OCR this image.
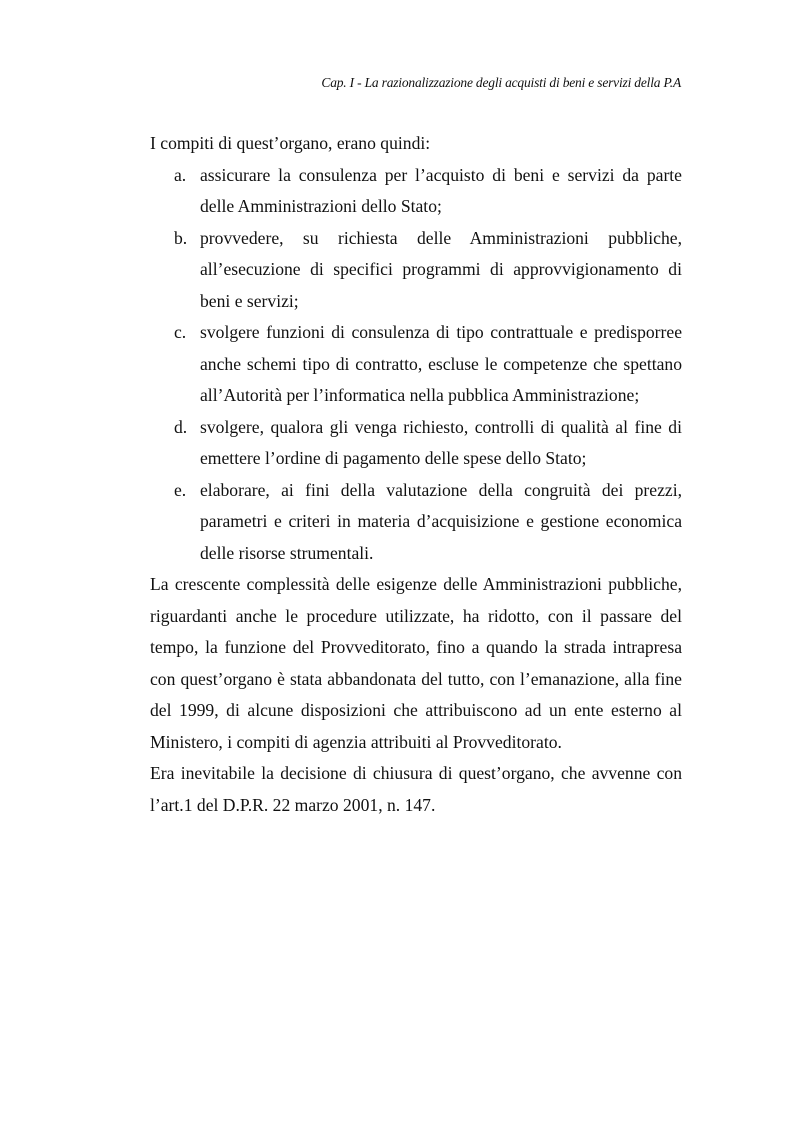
Cap. I - La razionalizzazione degli acquisti di beni e servizi della P.A

I compiti di quest’organo, erano quindi:

a. assicurare la consulenza per l’acquisto di beni e servizi da parte delle Amministrazioni dello Stato;
b. provvedere, su richiesta delle Amministrazioni pubbliche, all’esecuzione di specifici programmi di approvvigionamento di beni e servizi;
c. svolgere funzioni di consulenza di tipo contrattuale e predisporree anche schemi tipo di contratto, escluse le competenze che spettano all’Autorità per l’informatica nella pubblica Amministrazione;
d. svolgere, qualora gli venga richiesto, controlli di qualità al fine di emettere l’ordine di pagamento delle spese dello Stato;
e. elaborare, ai fini della valutazione della congruità dei prezzi, parametri e criteri in materia d’acquisizione e gestione economica delle risorse strumentali.

La crescente complessità delle esigenze delle Amministrazioni pubbliche, riguardanti anche le procedure utilizzate, ha ridotto, con il passare del tempo, la funzione del Provveditorato, fino a quando la strada intrapresa con quest’organo è stata abbandonata del tutto, con l’emanazione, alla fine del 1999, di alcune disposizioni che attribuiscono ad un ente esterno al Ministero, i compiti di agenzia attribuiti al Provveditorato.

Era inevitabile la decisione di chiusura di quest’organo, che avvenne con l’art.1 del D.P.R. 22 marzo 2001, n. 147.
